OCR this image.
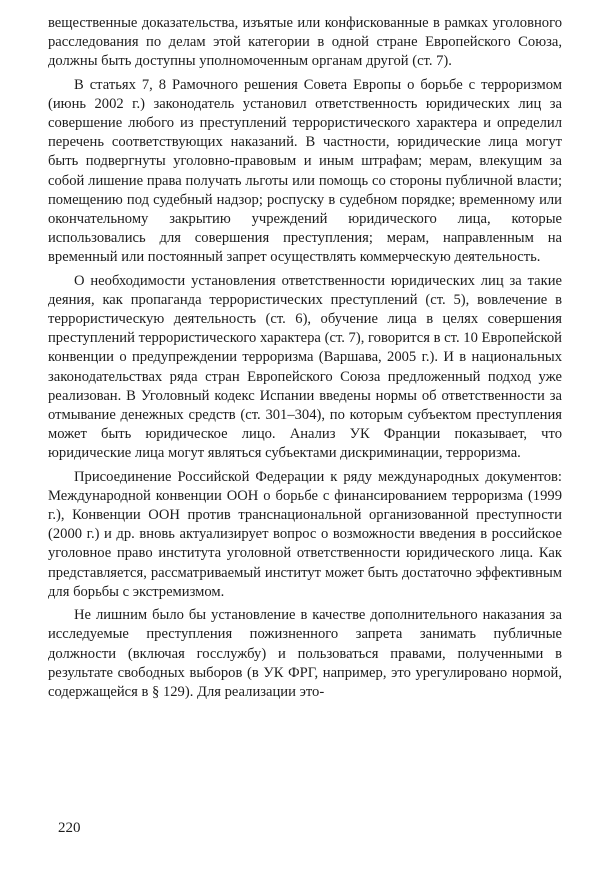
вещественные доказательства, изъятые или конфискованные в рамках уголовного расследования по делам этой категории в одной стране Европейского Союза, должны быть доступны уполномоченным органам другой (ст. 7).

В статьях 7, 8 Рамочного решения Совета Европы о борьбе с терроризмом (июнь 2002 г.) законодатель установил ответственность юридических лиц за совершение любого из преступлений террористического характера и определил перечень соответствующих наказаний. В частности, юридические лица могут быть подвергнуты уголовно-правовым и иным штрафам; мерам, влекущим за собой лишение права получать льготы или помощь со стороны публичной власти; помещению под судебный надзор; роспуску в судебном порядке; временному или окончательному закрытию учреждений юридического лица, которые использовались для совершения преступления; мерам, направленным на временный или постоянный запрет осуществлять коммерческую деятельность.

О необходимости установления ответственности юридических лиц за такие деяния, как пропаганда террористических преступлений (ст. 5), вовлечение в террористическую деятельность (ст. 6), обучение лица в целях совершения преступлений террористического характера (ст. 7), говорится в ст. 10 Европейской конвенции о предупреждении терроризма (Варшава, 2005 г.). И в национальных законодательствах ряда стран Европейского Союза предложенный подход уже реализован. В Уголовный кодекс Испании введены нормы об ответственности за отмывание денежных средств (ст. 301–304), по которым субъектом преступления может быть юридическое лицо. Анализ УК Франции показывает, что юридические лица могут являться субъектами дискриминации, терроризма.

Присоединение Российской Федерации к ряду международных документов: Международной конвенции ООН о борьбе с финансированием терроризма (1999 г.), Конвенции ООН против транснациональной организованной преступности (2000 г.) и др. вновь актуализирует вопрос о возможности введения в российское уголовное право института уголовной ответственности юридического лица. Как представляется, рассматриваемый институт может быть достаточно эффективным для борьбы с экстремизмом.

Не лишним было бы установление в качестве дополнительного наказания за исследуемые преступления пожизненного запрета занимать публичные должности (включая госслужбу) и пользоваться правами, полученными в результате свободных выборов (в УК ФРГ, например, это урегулировано нормой, содержащейся в § 129). Для реализации это-

220
